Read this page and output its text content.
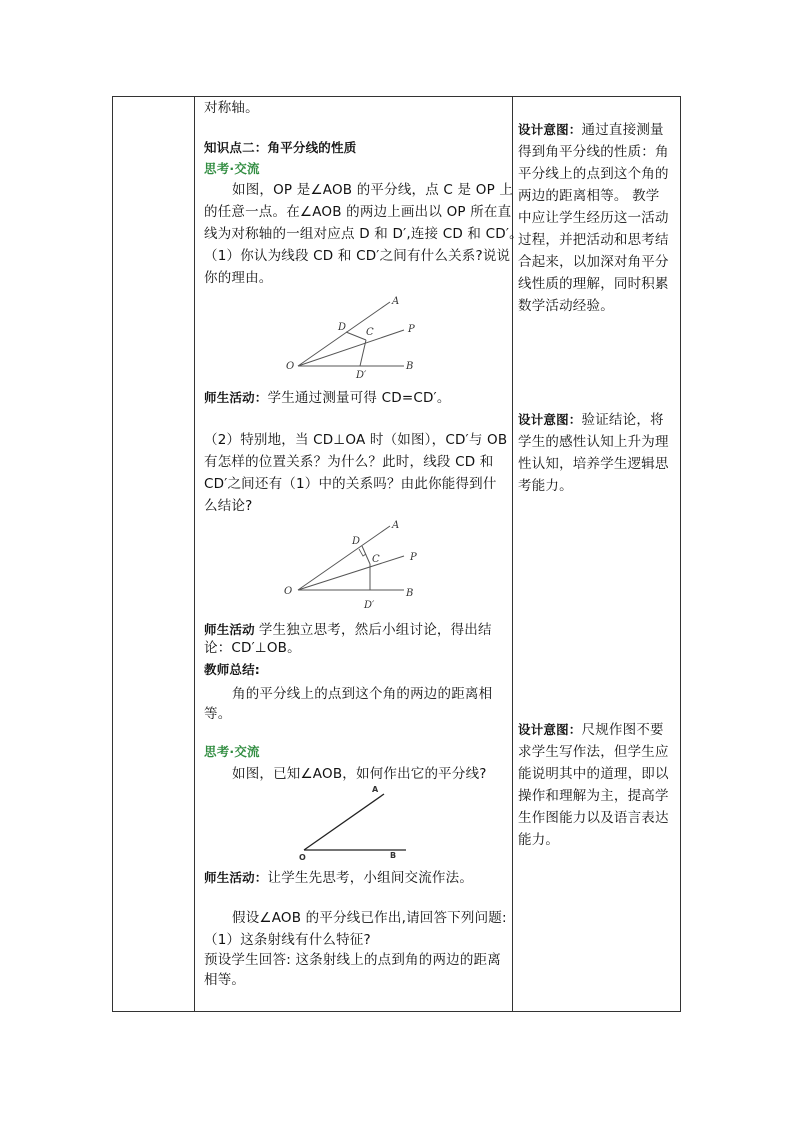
对称轴。
知识点二：角平分线的性质
思考·交流
如图，OP 是∠AOB 的平分线，点 C 是 OP 上
的任意一点。在∠AOB 的两边上画出以 OP 所在直
线为对称轴的一组对应点 D 和 D′,连接 CD 和 CD′。
（1）你认为线段 CD 和 CD′之间有什么关系?说说
你的理由。
A
D C	P
O	B
D′
师生活动：学生通过测量可得 CD=CD′。
（2）特别地，当 CD⊥OA 时（如图），CD′与 OB
有怎样的位置关系？为什么？此时，线段 CD 和
CD′之间还有（1）中的关系吗？由此你能得到什
么结论?
A
D
C	P
O	B
D′
师生活动 学生独立思考，然后小组讨论，得出结
论：CD′⊥OB。
教师总结:
角的平分线上的点到这个角的两边的距离相
等。
思考·交流
如图，已知∠AOB，如何作出它的平分线?
A
O	B
师生活动：让学生先思考，小组间交流作法。
假设∠AOB 的平分线已作出,请回答下列问题:
（1）这条射线有什么特征?
预设学生回答: 这条射线上的点到角的两边的距离
相等。
设计意图：通过直接测量
得到角平分线的性质：角
平分线上的点到这个角的
两边的距离相等。 教学
中应让学生经历这一活动
过程，并把活动和思考结
合起来，以加深对角平分
线性质的理解，同时积累
数学活动经验。
设计意图：验证结论，将
学生的感性认知上升为理
性认知，培养学生逻辑思
考能力。
设计意图：尺规作图不要
求学生写作法，但学生应
能说明其中的道理，即以
操作和理解为主，提高学
生作图能力以及语言表达
能力。
